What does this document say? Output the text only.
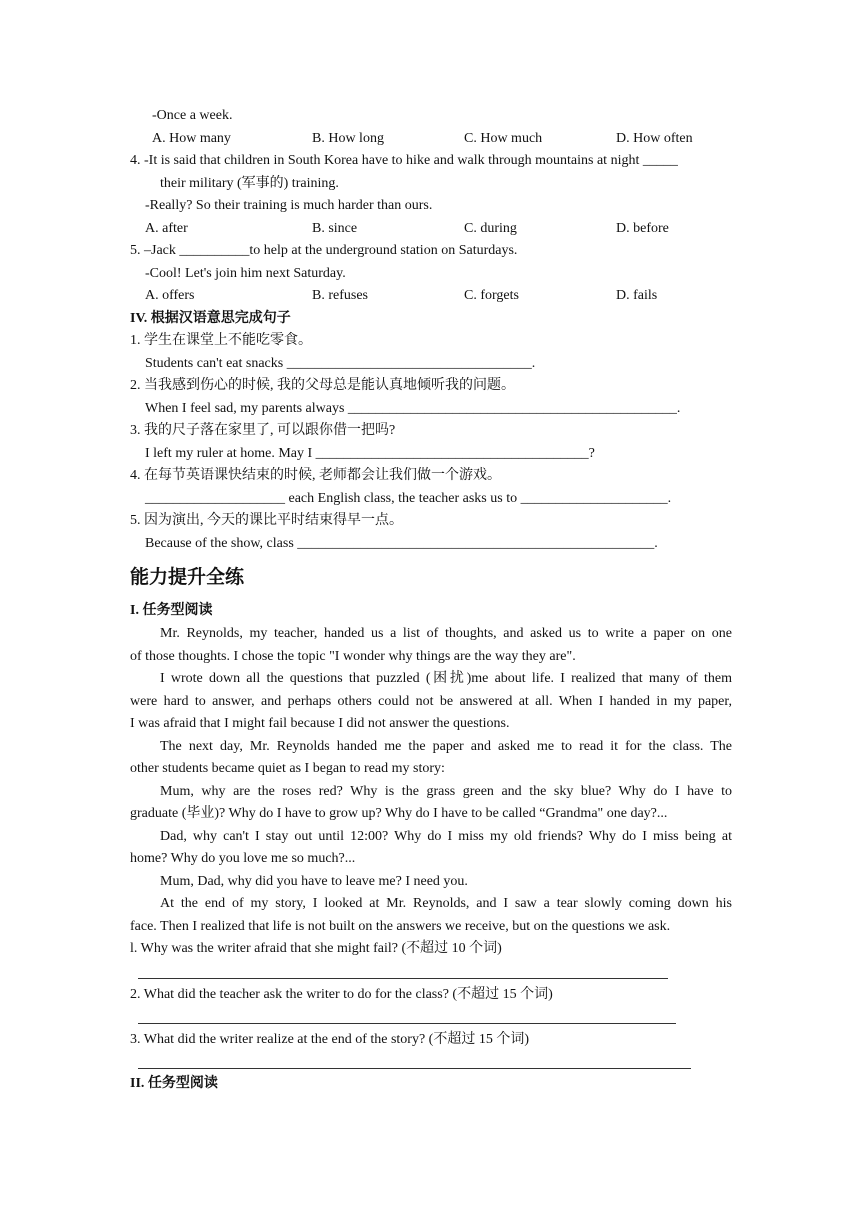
-Once a week.
A. How many	B. How long	C. How much	D. How often
4. -It is said that children in South Korea have to hike and walk through mountains at night _____
their military (军事的) training.
-Really? So their training is much harder than ours.
A. after	B. since	C. during	D. before
5. –Jack __________to help at the underground station on Saturdays.
-Cool! Let's join him next Saturday.
A. offers	B. refuses	C. forgets	D. fails
IV. 根据汉语意思完成句子
1. 学生在课堂上不能吃零食。
Students can't eat snacks ___________________________________.
2. 当我感到伤心的时候, 我的父母总是能认真地倾听我的问题。
When I feel sad, my parents always _______________________________________________.
3. 我的尺子落在家里了, 可以跟你借一把吗?
I left my ruler at home. May I _______________________________________?
4. 在每节英语课快结束的时候, 老师都会让我们做一个游戏。
____________________ each English class, the teacher asks us to _____________________.
5. 因为演出, 今天的课比平时结束得早一点。
Because of the show, class ___________________________________________________.
能力提升全练
I. 任务型阅读
Mr. Reynolds, my teacher, handed us a list of thoughts, and asked us to write a paper on one
of those thoughts. I chose the topic "I wonder why things are the way they are".
I wrote down all the questions that puzzled (困扰)me about life. I realized that many of them
were hard to answer, and perhaps others could not be answered at all. When I handed in my paper,
I was afraid that I might fail because I did not answer the questions.
The next day, Mr. Reynolds handed me the paper and asked me to read it for the class. The
other students became quiet as I began to read my story:
Mum, why are the roses red? Why is the grass green and the sky blue? Why do I have to
graduate (毕业)? Why do I have to grow up? Why do I have to be called “Grandma" one day?...
Dad, why can't I stay out until 12:00? Why do I miss my old friends? Why do I miss being at
home? Why do you love me so much?...
Mum, Dad, why did you have to leave me? I need you.
At the end of my story, I looked at Mr. Reynolds, and I saw a tear slowly coming down his
face. Then I realized that life is not built on the answers we receive, but on the questions we ask.
l. Why was the writer afraid that she might fail? (不超过 10 个词)
2. What did the teacher ask the writer to do for the class? (不超过 15 个词)
3. What did the writer realize at the end of the story? (不超过 15 个词)
II. 任务型阅读
